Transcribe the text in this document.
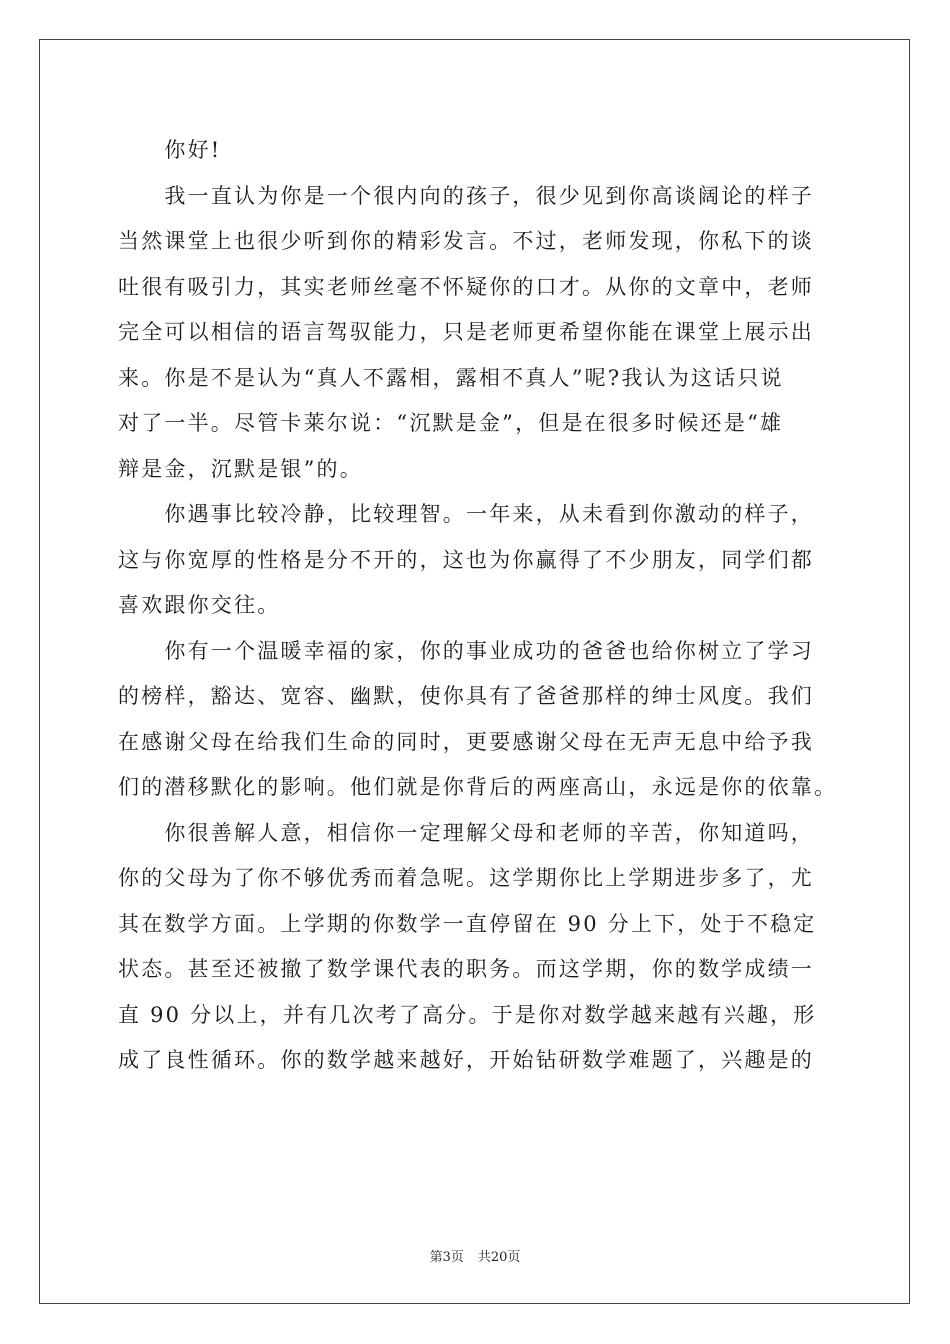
　　你好!
　　我一直认为你是一个很内向的孩子，很少见到你高谈阔论的样子
当然课堂上也很少听到你的精彩发言。不过，老师发现，你私下的谈
吐很有吸引力，其实老师丝毫不怀疑你的口才。从你的文章中，老师
完全可以相信的语言驾驭能力，只是老师更希望你能在课堂上展示出
来。你是不是认为“真人不露相，露相不真人”呢?我认为这话只说
对了一半。尽管卡莱尔说：“沉默是金”，但是在很多时候还是“雄
辩是金，沉默是银”的。
　　你遇事比较冷静，比较理智。一年来，从未看到你激动的样子，
这与你宽厚的性格是分不开的，这也为你赢得了不少朋友，同学们都
喜欢跟你交往。
　　你有一个温暖幸福的家，你的事业成功的爸爸也给你树立了学习
的榜样，豁达、宽容、幽默，使你具有了爸爸那样的绅士风度。我们
在感谢父母在给我们生命的同时，更要感谢父母在无声无息中给予我
们的潜移默化的影响。他们就是你背后的两座高山，永远是你的依靠。
　　你很善解人意，相信你一定理解父母和老师的辛苦，你知道吗，
你的父母为了你不够优秀而着急呢。这学期你比上学期进步多了，尤
其在数学方面。上学期的你数学一直停留在 90 分上下，处于不稳定
状态。甚至还被撤了数学课代表的职务。而这学期，你的数学成绩一
直 90 分以上，并有几次考了高分。于是你对数学越来越有兴趣，形
成了良性循环。你的数学越来越好，开始钻研数学难题了，兴趣是的
第3页 共20页
